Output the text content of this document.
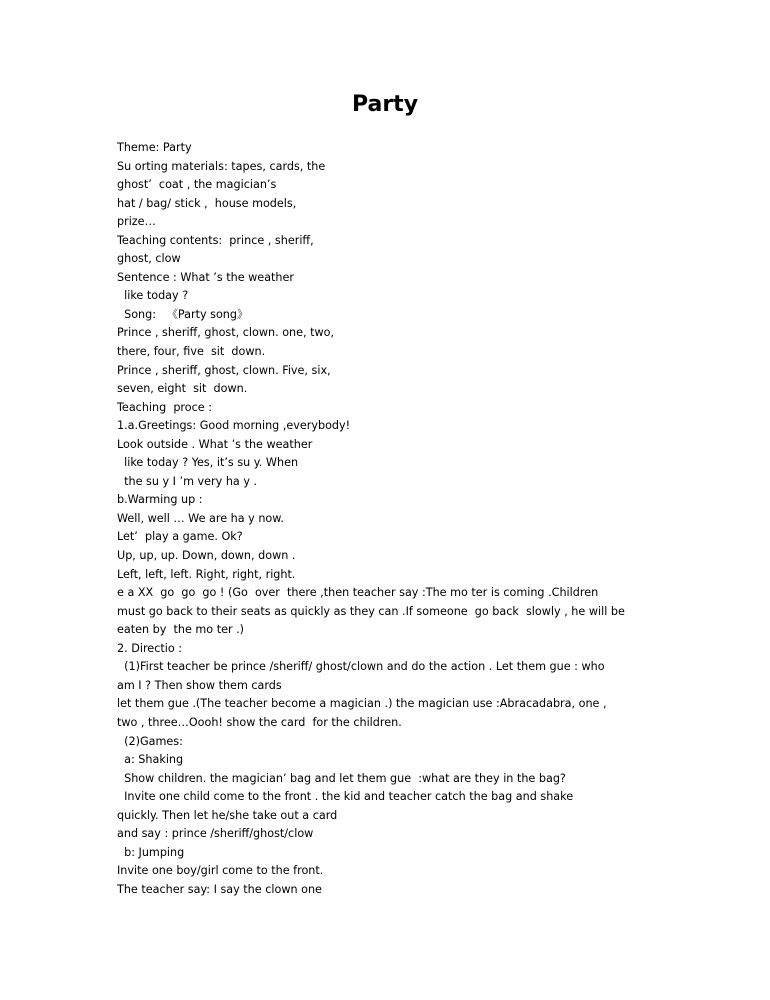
Party

Theme: Party

Su orting materials: tapes, cards, the

ghost’  coat , the magician’s

hat / bag/ stick ,  house models,

prize…

Teaching contents:  prince , sheriff,

ghost, clow

Sentence : What ’s the weather

like today ?

Song:   《Party song》

Prince , sheriff, ghost, clown. one, two,

there, four, five  sit  down.

Prince , sheriff, ghost, clown. Five, six,

seven, eight  sit  down.

Teaching  proce :

1.a.Greetings: Good morning ,everybody!

Look outside . What ’s the weather

like today ? Yes, it’s su y. When

the su y I ’m very ha y .

b.Warming up :

Well, well … We are ha y now.

Let’  play a game. Ok?

Up, up, up. Down, down, down .

Left, left, left. Right, right, right.

e a XX  go  go  go ! (Go  over  there ,then teacher say :The mo ter is coming .Children

must go back to their seats as quickly as they can .If someone  go back  slowly , he will be

eaten by  the mo ter .)

2. Directio :

(1)First teacher be prince /sheriff/ ghost/clown and do the action . Let them gue : who

am I ? Then show them cards

let them gue .(The teacher become a magician .) the magician use :Abracadabra, one ,

two , three…Oooh! show the card  for the children.

(2)Games:

a: Shaking

Show children. the magician’ bag and let them gue  :what are they in the bag?

Invite one child come to the front . the kid and teacher catch the bag and shake

quickly. Then let he/she take out a card

and say : prince /sheriff/ghost/clow

b: Jumping

Invite one boy/girl come to the front.

The teacher say: I say the clown one
